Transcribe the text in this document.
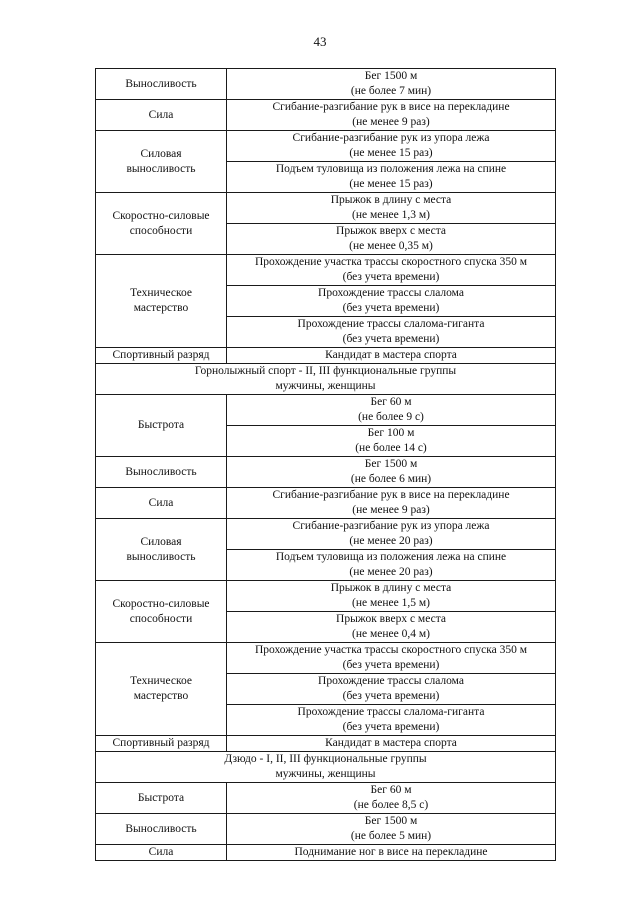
43
Выносливость	Бег 1500 м
(не более 7 мин)

Сила	Сгибание-разгибание рук в висе на перекладине
(не менее 9 раз)

Силовая
выносливость	Сгибание-разгибание рук из упора лежа
(не менее 15 раз)

	Подъем туловища из положения лежа на спине
(не менее 15 раз)

Скоростно-силовые
способности	Прыжок в длину с места
(не менее 1,3 м)

	Прыжок вверх с места
(не менее 0,35 м)

Техническое
мастерство	Прохождение участка трассы скоростного спуска 350 м
(без учета времени)

	Прохождение трассы слалома
(без учета времени)

	Прохождение трассы слалома-гиганта
(без учета времени)

Спортивный разряд	Кандидат в мастера спорта

Горнолыжный спорт - II, III функциональные группы
мужчины, женщины	

Быстрота	Бег 60 м
(не более 9 с)

	Бег 100 м
(не более 14 с)

Выносливость	Бег 1500 м
(не более 6 мин)

Сила	Сгибание-разгибание рук в висе на перекладине
(не менее 9 раз)

Силовая
выносливость	Сгибание-разгибание рук из упора лежа
(не менее 20 раз)

	Подъем туловища из положения лежа на спине
(не менее 20 раз)

Скоростно-силовые
способности	Прыжок в длину с места
(не менее 1,5 м)

	Прыжок вверх с места
(не менее 0,4 м)

Техническое
мастерство	Прохождение участка трассы скоростного спуска 350 м
(без учета времени)

	Прохождение трассы слалома
(без учета времени)

	Прохождение трассы слалома-гиганта
(без учета времени)

Спортивный разряд	Кандидат в мастера спорта

Дзюдо - I, II, III функциональные группы
мужчины, женщины	

Быстрота	Бег 60 м
(не более 8,5 с)

Выносливость	Бег 1500 м
(не более 5 мин)

Сила	Поднимание ног в висе на перекладине
